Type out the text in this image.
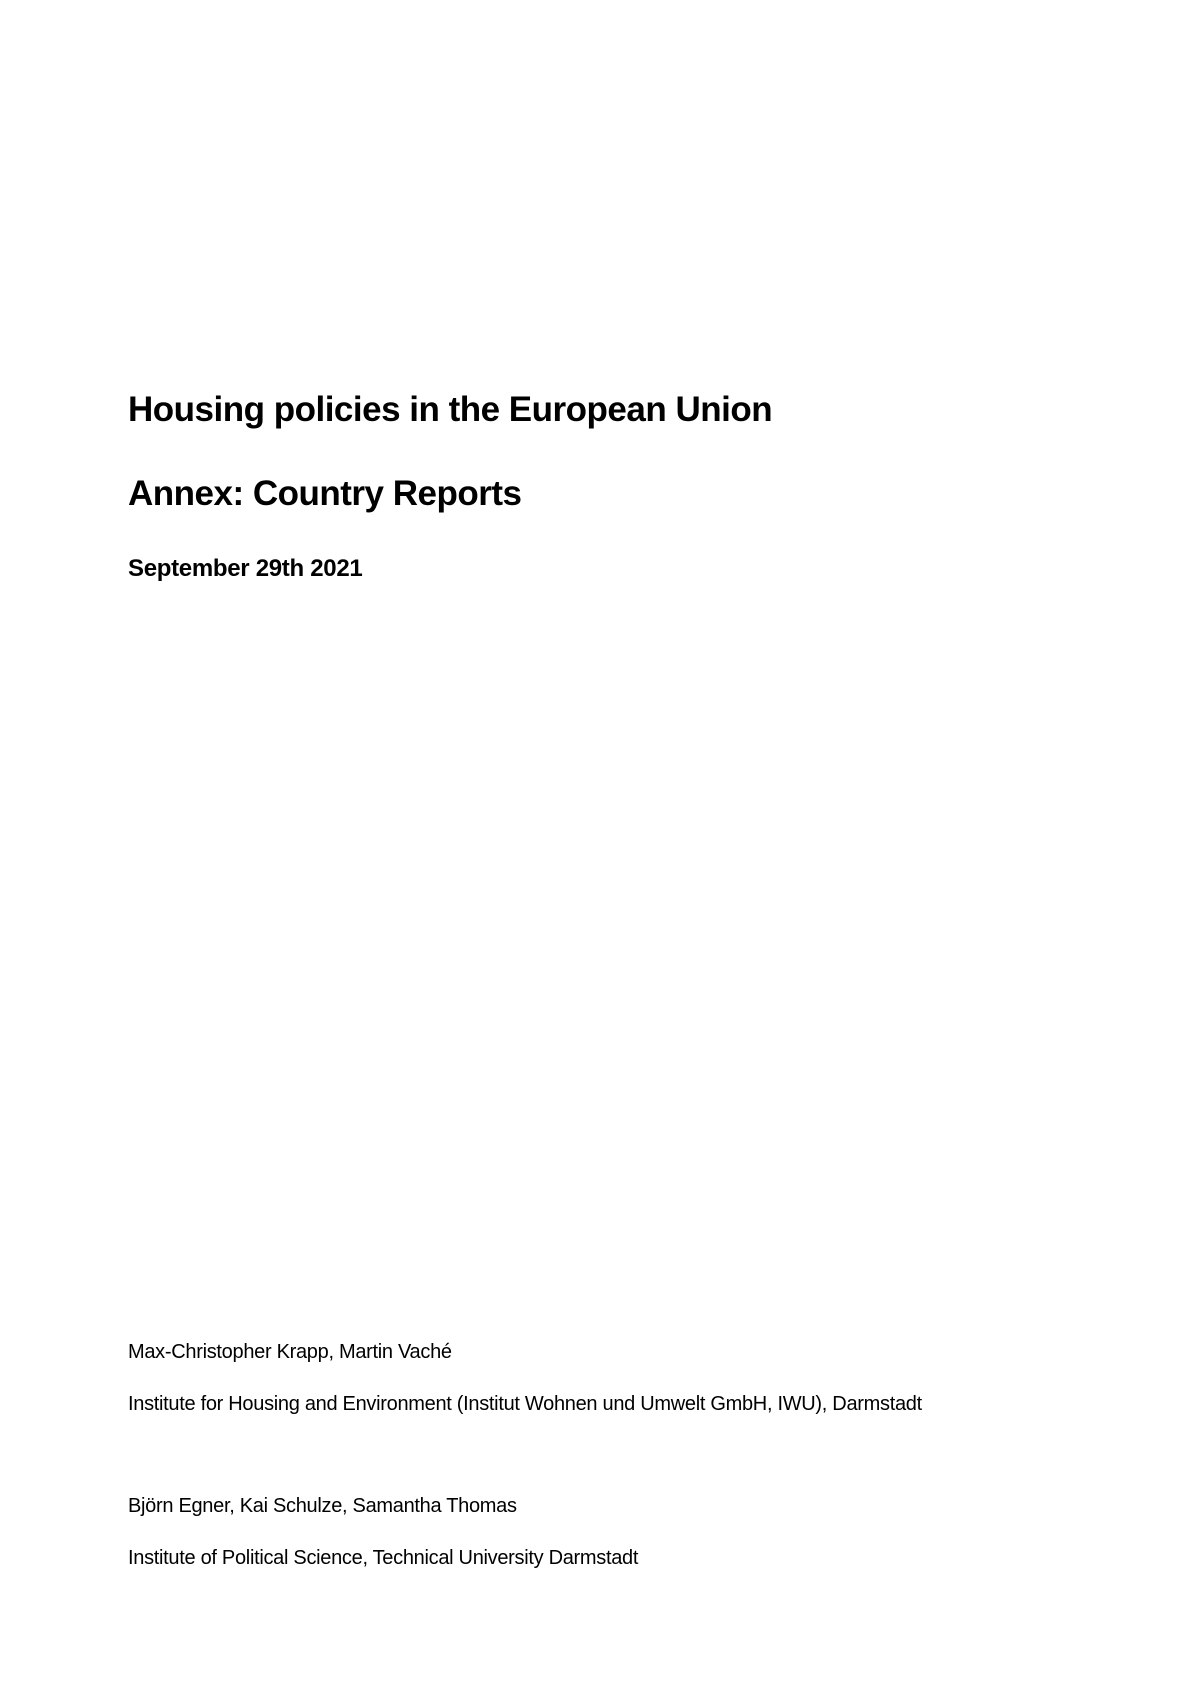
Housing policies in the European Union
Annex: Country Reports

September 29th 2021

Max-Christopher Krapp, Martin Vaché

Institute for Housing and Environment (Institut Wohnen und Umwelt GmbH, IWU), Darmstadt

Björn Egner, Kai Schulze, Samantha Thomas

Institute of Political Science, Technical University Darmstadt
